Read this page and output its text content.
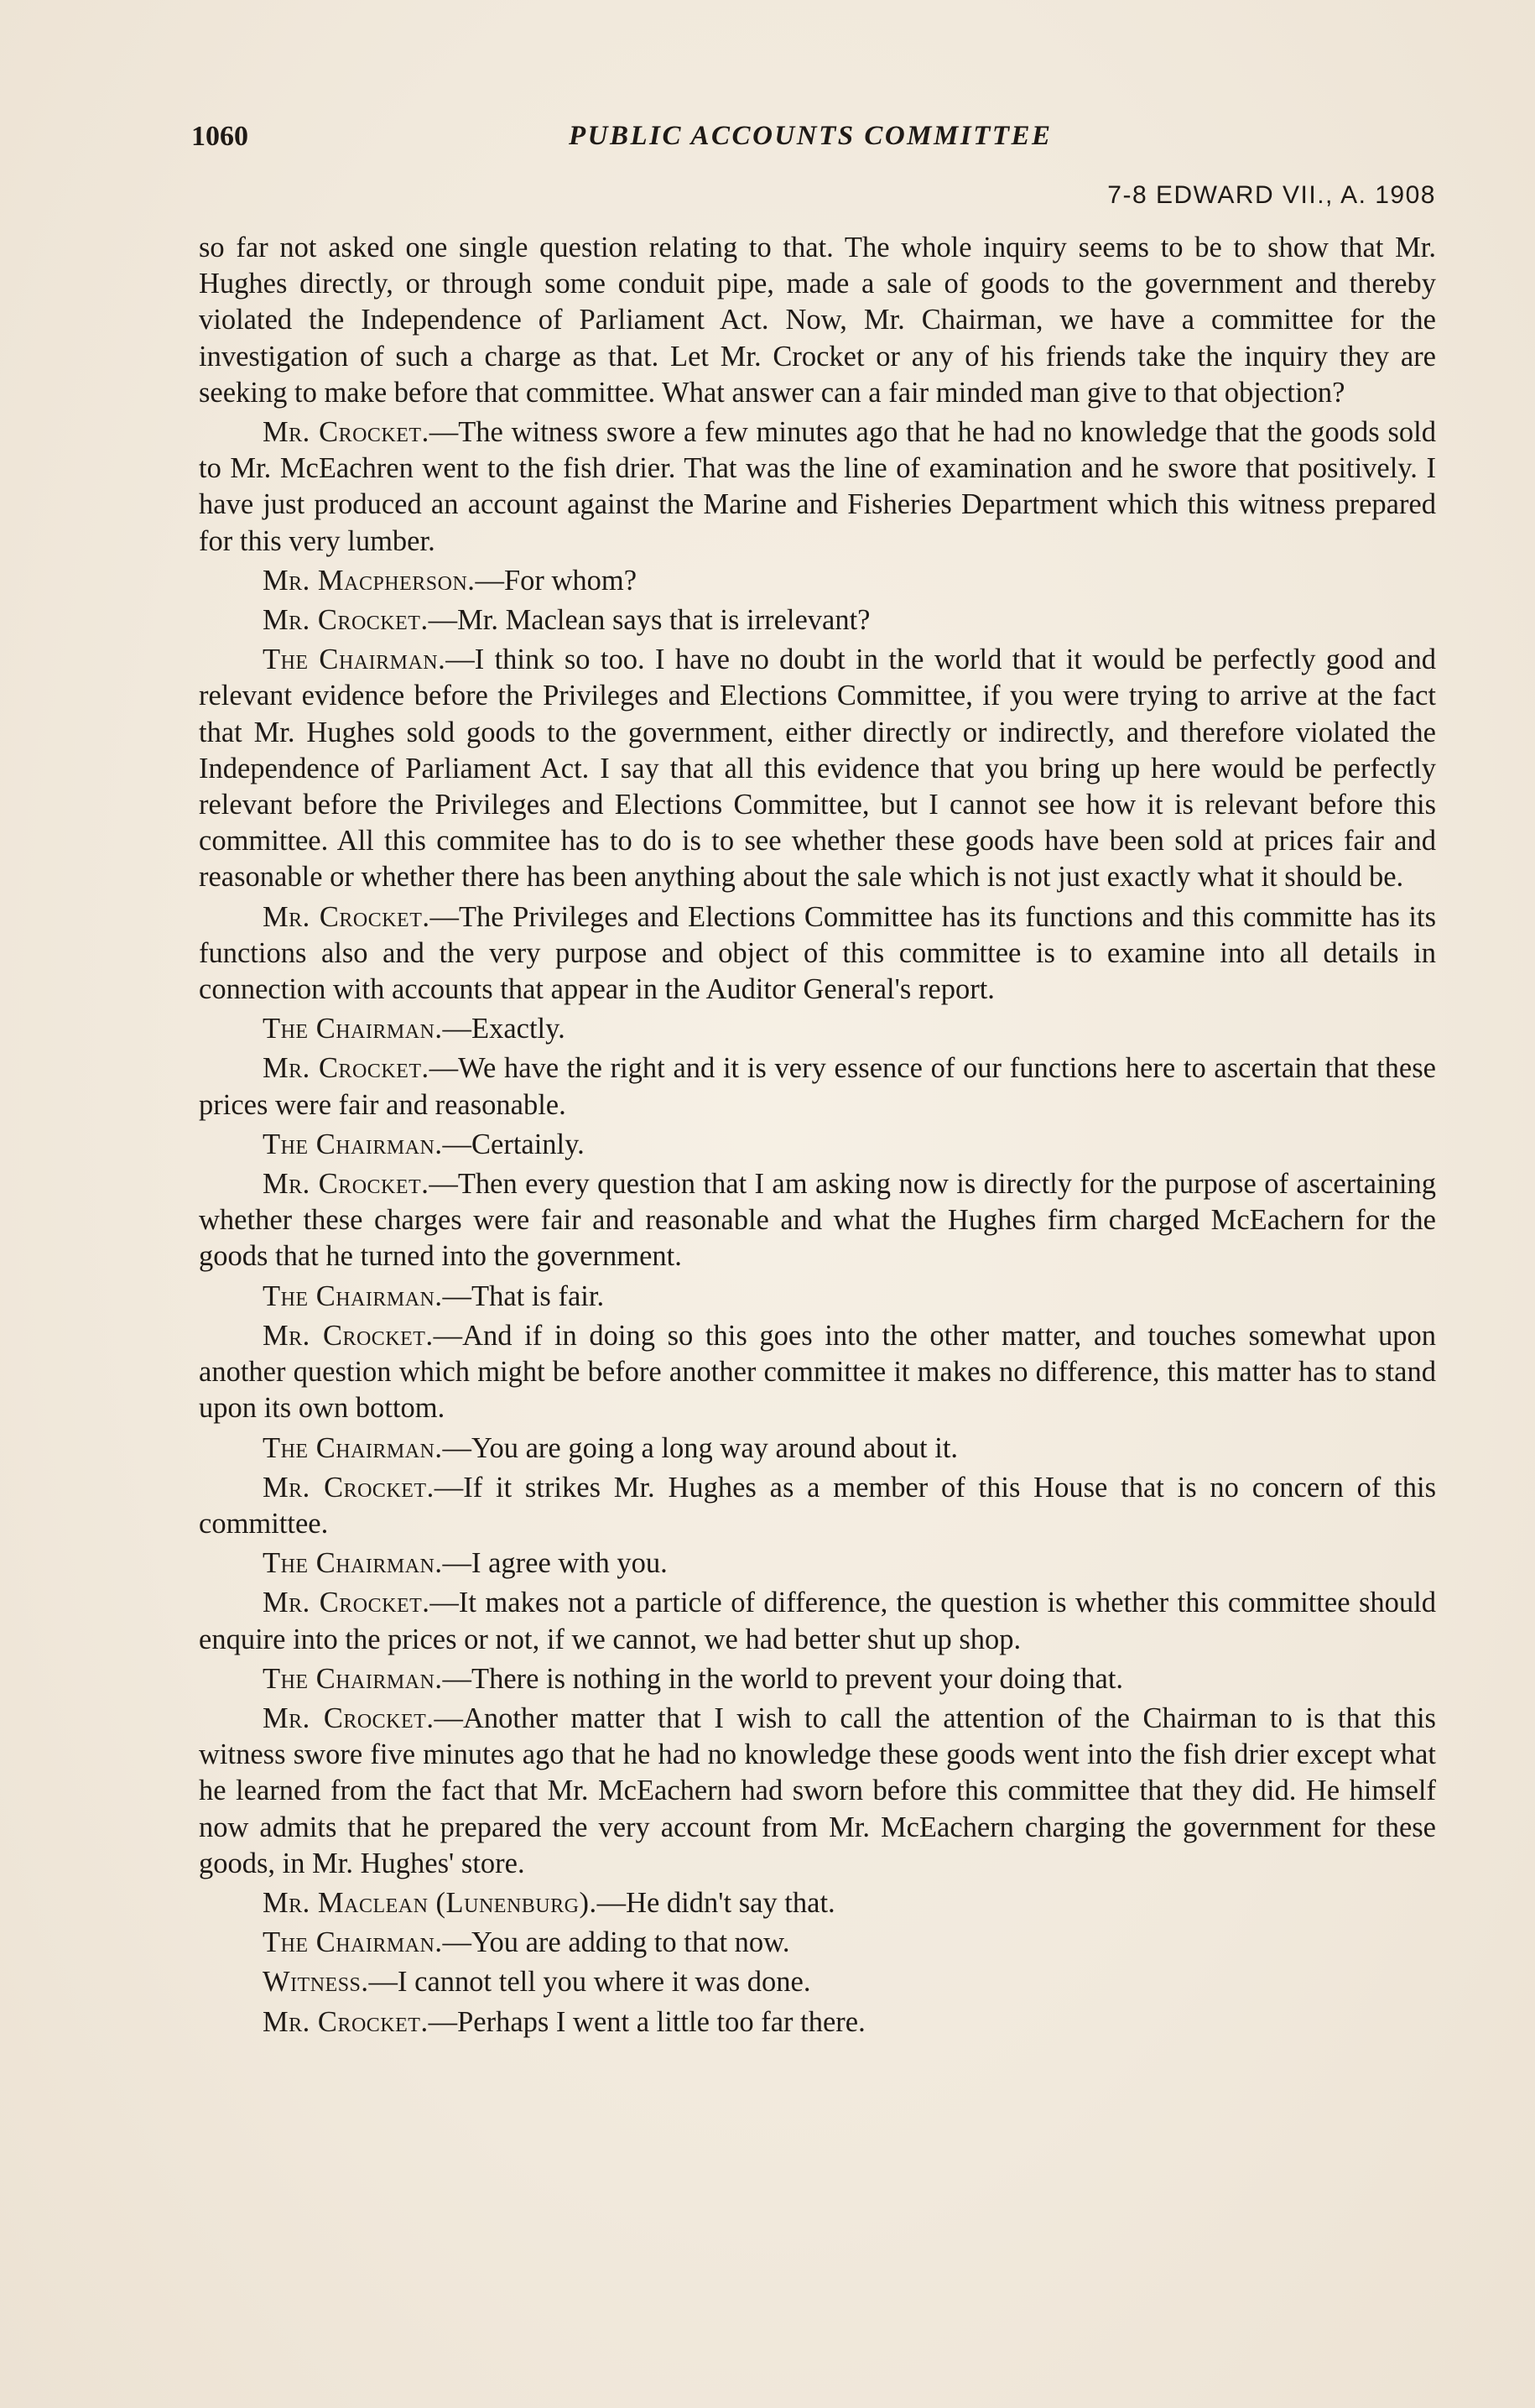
1060	PUBLIC ACCOUNTS COMMITTEE
7-8 EDWARD VII., A. 1908

so far not asked one single question relating to that. The whole inquiry seems to be to show that Mr. Hughes directly, or through some conduit pipe, made a sale of goods to the government and thereby violated the Independence of Parliament Act. Now, Mr. Chairman, we have a committee for the investigation of such a charge as that. Let Mr. Crocket or any of his friends take the inquiry they are seeking to make before that committee. What answer can a fair minded man give to that objection?

Mr. Crocket.—The witness swore a few minutes ago that he had no knowledge that the goods sold to Mr. McEachren went to the fish drier. That was the line of examination and he swore that positively. I have just produced an account against the Marine and Fisheries Department which this witness prepared for this very lumber.

Mr. Macpherson.—For whom?

Mr. Crocket.—Mr. Maclean says that is irrelevant?

The Chairman.—I think so too. I have no doubt in the world that it would be perfectly good and relevant evidence before the Privileges and Elections Committee, if you were trying to arrive at the fact that Mr. Hughes sold goods to the government, either directly or indirectly, and therefore violated the Independence of Parliament Act. I say that all this evidence that you bring up here would be perfectly relevant before the Privileges and Elections Committee, but I cannot see how it is relevant before this committee. All this commitee has to do is to see whether these goods have been sold at prices fair and reasonable or whether there has been anything about the sale which is not just exactly what it should be.

Mr. Crocket.—The Privileges and Elections Committee has its functions and this committe has its functions also and the very purpose and object of this committee is to examine into all details in connection with accounts that appear in the Auditor General's report.

The Chairman.—Exactly.

Mr. Crocket.—We have the right and it is very essence of our functions here to ascertain that these prices were fair and reasonable.

The Chairman.—Certainly.

Mr. Crocket.—Then every question that I am asking now is directly for the purpose of ascertaining whether these charges were fair and reasonable and what the Hughes firm charged McEachern for the goods that he turned into the government.

The Chairman.—That is fair.

Mr. Crocket.—And if in doing so this goes into the other matter, and touches somewhat upon another question which might be before another committee it makes no difference, this matter has to stand upon its own bottom.

The Chairman.—You are going a long way around about it.

Mr. Crocket.—If it strikes Mr. Hughes as a member of this House that is no concern of this committee.

The Chairman.—I agree with you.

Mr. Crocket.—It makes not a particle of difference, the question is whether this committee should enquire into the prices or not, if we cannot, we had better shut up shop.

The Chairman.—There is nothing in the world to prevent your doing that.

Mr. Crocket.—Another matter that I wish to call the attention of the Chairman to is that this witness swore five minutes ago that he had no knowledge these goods went into the fish drier except what he learned from the fact that Mr. McEachern had sworn before this committee that they did. He himself now admits that he prepared the very account from Mr. McEachern charging the government for these goods, in Mr. Hughes' store.

Mr. Maclean (Lunenburg).—He didn't say that.

The Chairman.—You are adding to that now.

Witness.—I cannot tell you where it was done.

Mr. Crocket.—Perhaps I went a little too far there.
